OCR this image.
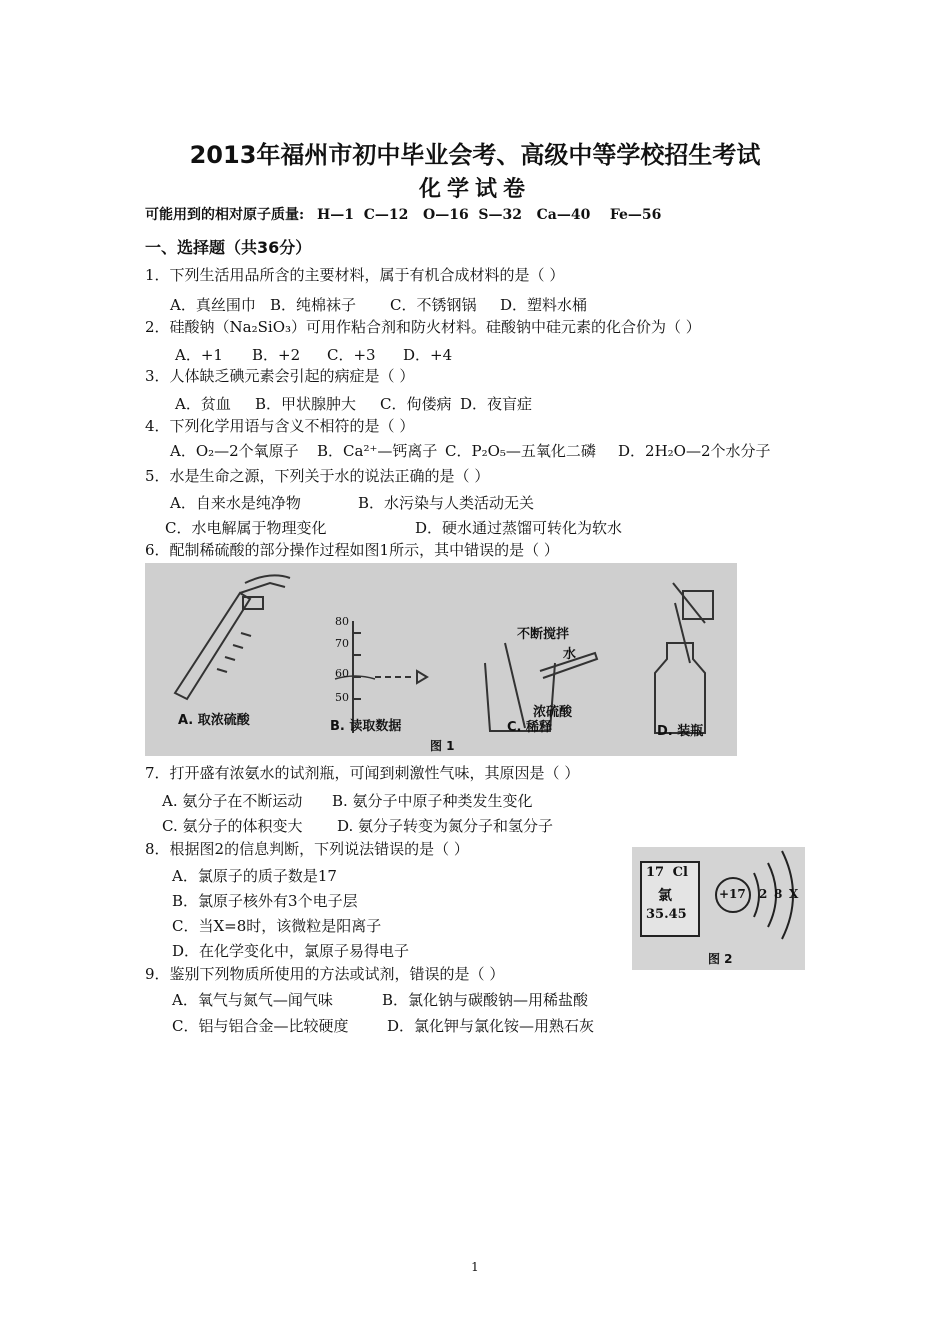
2013年福州市初中毕业会考、高级中等学校招生考试
化学试卷
可能用到的相对原子质量: H—1  C—12   O—16  S—32   Ca—40    Fe—56
一、选择题（共36分）
1．下列生活用品所含的主要材料，属于有机合成材料的是（ ）
A．真丝围巾 B．纯棉袜子 C．不锈钢锅 D．塑料水桶
2．硅酸钠（Na₂SiO₃）可用作粘合剂和防火材料。硅酸钠中硅元素的化合价为（ ）
A．+1 B．+2 C．+3 D．+4
3．人体缺乏碘元素会引起的病症是（ ）
A．贫血 B．甲状腺肿大 C．佝偻病 D．夜盲症
4．下列化学用语与含义不相符的是（ ）
A．O₂—2个氧原子 B．Ca²⁺—钙离子 C．P₂O₅—五氧化二磷 D．2H₂O—2个水分子
5．水是生命之源，下列关于水的说法正确的是（ ）
A．自来水是纯净物	B．水污染与人类活动无关
C．水电解属于物理变化	D．硬水通过蒸馏可转化为软水
6．配制稀硫酸的部分操作过程如图1所示，其中错误的是（ ）
80
70
60
50
不断搅拌
水
浓硫酸
A. 取浓硫酸	B. 读取数据	C. 稀释	D. 装瓶
图 1
7．打开盛有浓氨水的试剂瓶，可闻到刺激性气味，其原因是（ ）
A. 氨分子在不断运动 B. 氨分子中原子种类发生变化
C. 氨分子的体积变大 D. 氨分子转变为氮分子和氢分子
8．根据图2的信息判断，下列说法错误的是（ ）
A．氯原子的质子数是17
B．氯原子核外有3个电子层
C．当X=8时，该微粒是阳离子
D．在化学变化中，氯原子易得电子
17 Cl
氯
35.45
+17 2 8 X
图 2
9．鉴别下列物质所使用的方法或试剂，错误的是（ ）
A．氧气与氮气—闻气味	B．氯化钠与碳酸钠—用稀盐酸
C．铝与铝合金—比较硬度	D．氯化钾与氯化铵—用熟石灰
1
